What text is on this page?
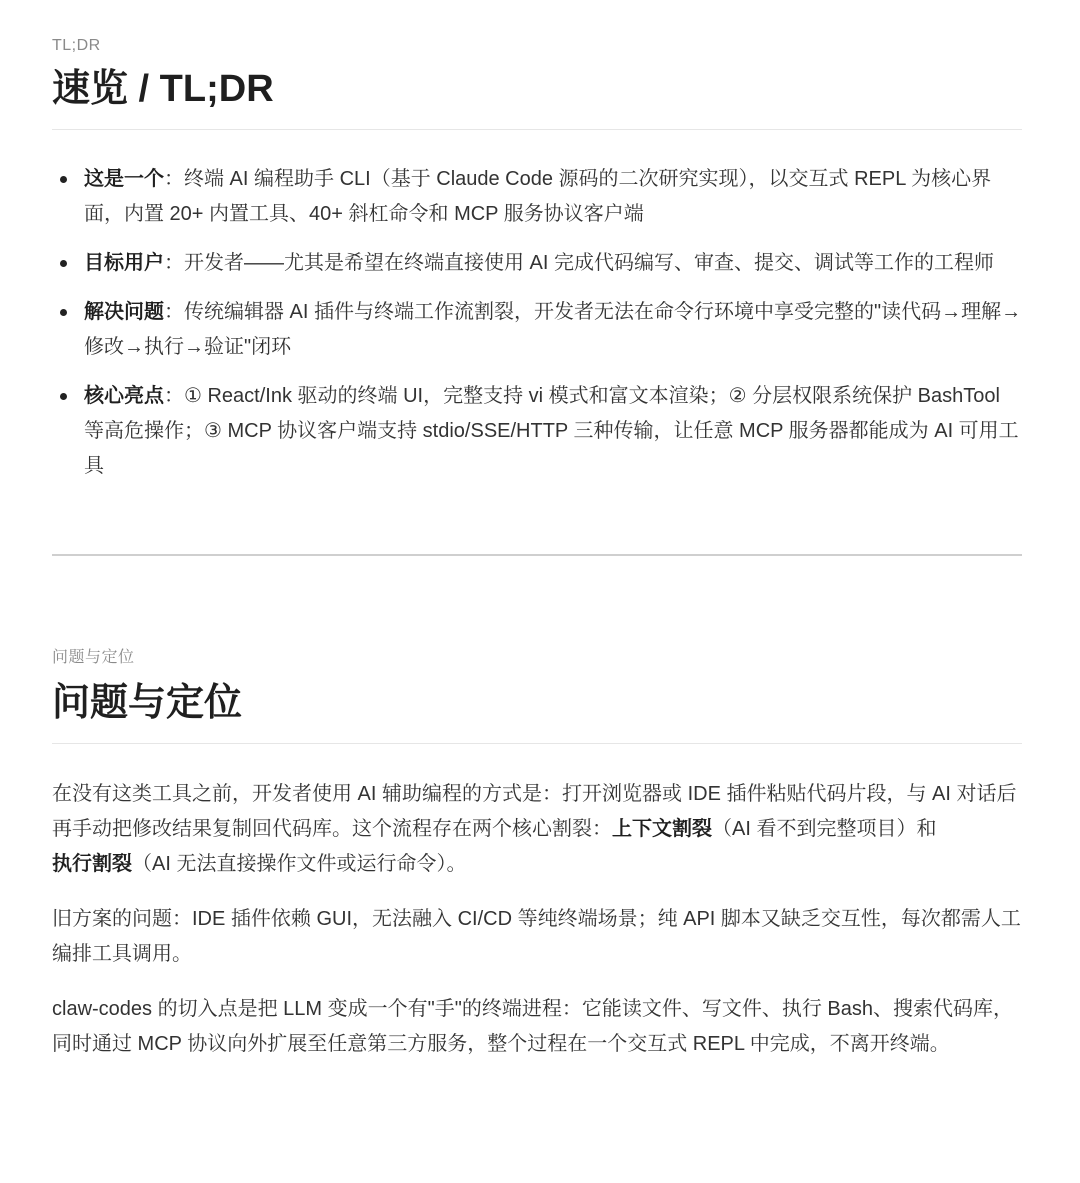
TL;DR

速览 / TL;DR
这是一个：终端 AI 编程助手 CLI（基于 Claude Code 源码的二次研究实现），以交互式 REPL 为核心界面，内置 20+ 内置工具、40+ 斜杠命令和 MCP 服务协议客户端
目标用户：开发者——尤其是希望在终端直接使用 AI 完成代码编写、审查、提交、调试等工作的工程师
解决问题：传统编辑器 AI 插件与终端工作流割裂，开发者无法在命令行环境中享受完整的"读代码→理解→修改→执行→验证"闭环
核心亮点：① React/Ink 驱动的终端 UI，完整支持 vi 模式和富文本渲染；② 分层权限系统保护 BashTool 等高危操作；③ MCP 协议客户端支持 stdio/SSE/HTTP 三种传输，让任意 MCP 服务器都能成为 AI 可用工具

问题与定位

问题与定位

在没有这类工具之前，开发者使用 AI 辅助编程的方式是：打开浏览器或 IDE 插件粘贴代码片段，与 AI 对话后再手动把修改结果复制回代码库。这个流程存在两个核心割裂：上下文割裂（AI 看不到完整项目）和
执行割裂（AI 无法直接操作文件或运行命令）。

旧方案的问题：IDE 插件依赖 GUI，无法融入 CI/CD 等纯终端场景；纯 API 脚本又缺乏交互性，每次都需人工编排工具调用。

claw-codes 的切入点是把 LLM 变成一个有"手"的终端进程：它能读文件、写文件、执行 Bash、搜索代码库，同时通过 MCP 协议向外扩展至任意第三方服务，整个过程在一个交互式 REPL 中完成，不离开终端。
